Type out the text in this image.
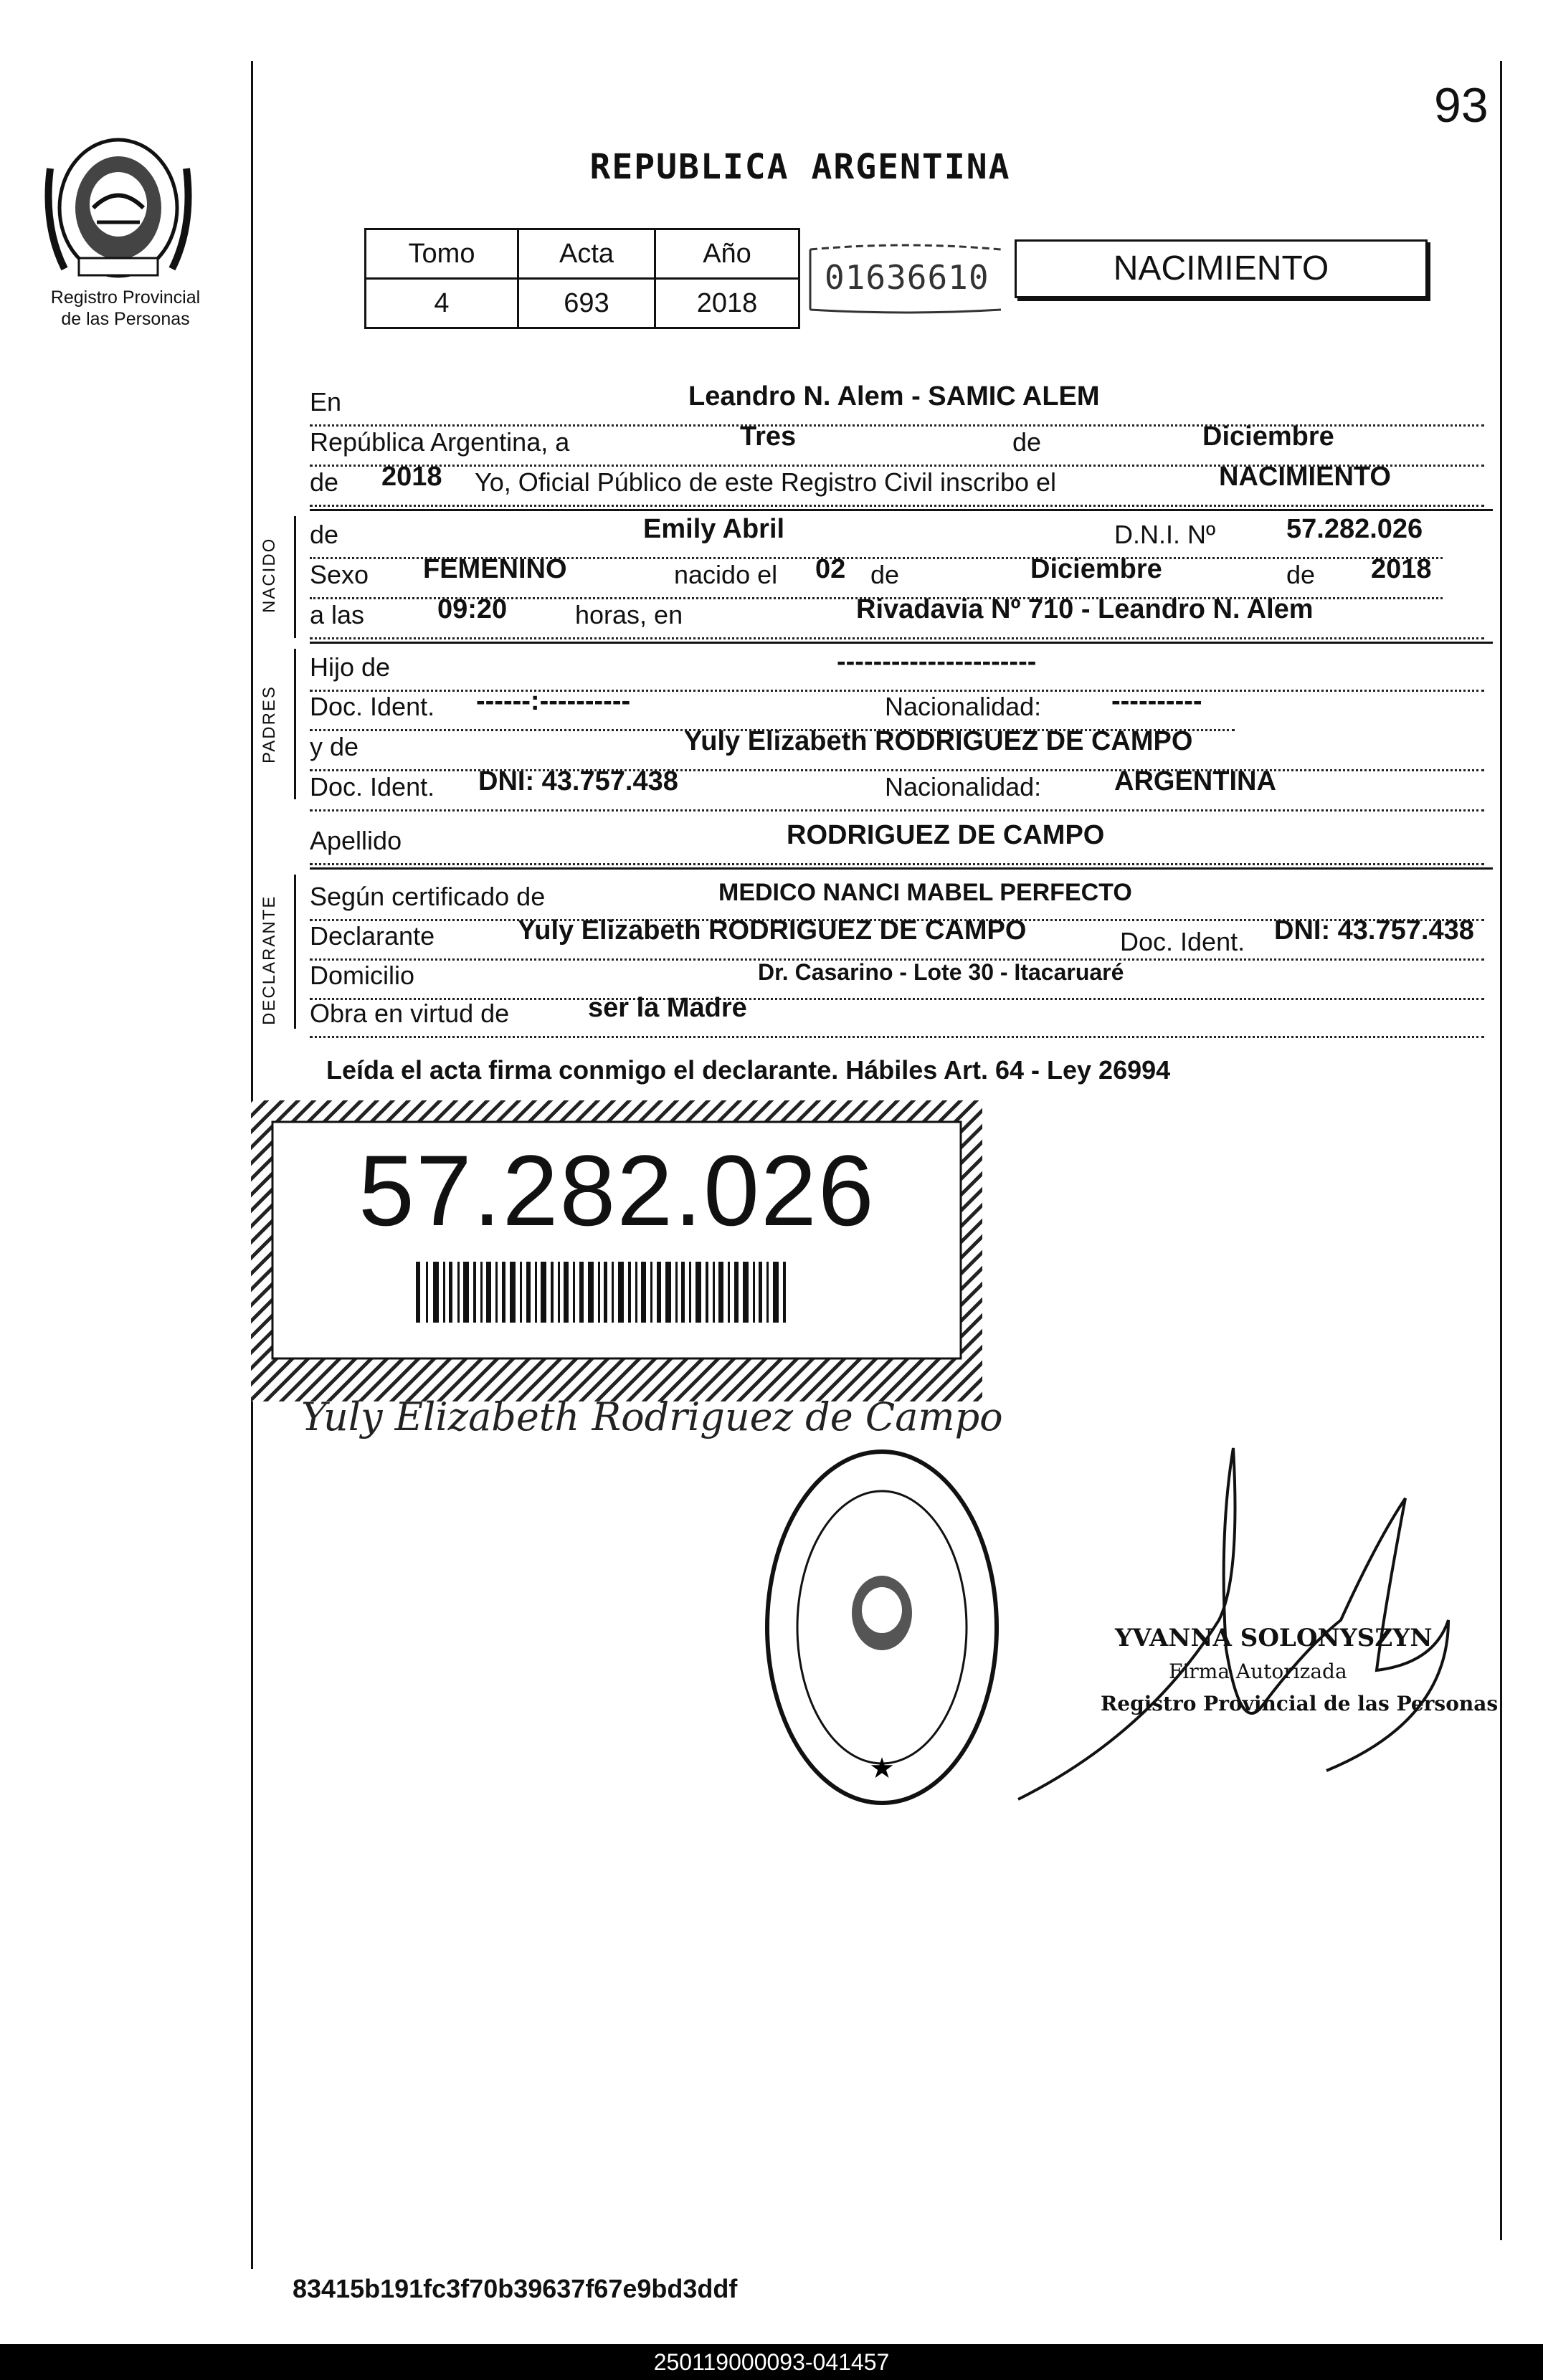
93
Registro Provincial
de las Personas
REPUBLICA ARGENTINA
Tomo	Acta	Año
4	693	2018
01636610	NACIMIENTO
En	Leandro N. Alem - SAMIC ALEM
República Argentina, a	Tres	de	Diciembre
de 2018 Yo, Oficial Público de este Registro Civil inscribo el	NACIMIENTO
NACIDO
de	Emily Abril	D.N.I. Nº	57.282.026
Sexo FEMENINO	nacido el 02 de	Diciembre	de 2018
a las	09:20	horas, en	Rivadavia Nº 710 - Leandro N. Alem
PADRES
Hijo de	----------------------
Doc. Ident. ------:----------	Nacionalidad:	----------
y de	Yuly Elizabeth RODRIGUEZ DE CAMPO
Doc. Ident. DNI: 43.757.438	Nacionalidad:	ARGENTINA
Apellido	RODRIGUEZ DE CAMPO
DECLARANTE Según certificado de	MEDICO NANCI MABEL PERFECTO
Declarante	Yuly Elizabeth RODRIGUEZ DE CAMPO	Doc. Ident. DNI: 43.757.438
Domicilio	Dr. Casarino - Lote 30 - Itacaruaré
Obra en virtud de	ser la Madre
Leída el acta firma conmigo el declarante. Hábiles Art. 64 - Ley 26994
57.282.026
Yuly Elizabeth Rodriguez de Campo
★
YVANNA SOLONYSZYN
Firma Autorizada
Registro Provincial de las Personas
83415b191fc3f70b39637f67e9bd3ddf
250119000093-041457
